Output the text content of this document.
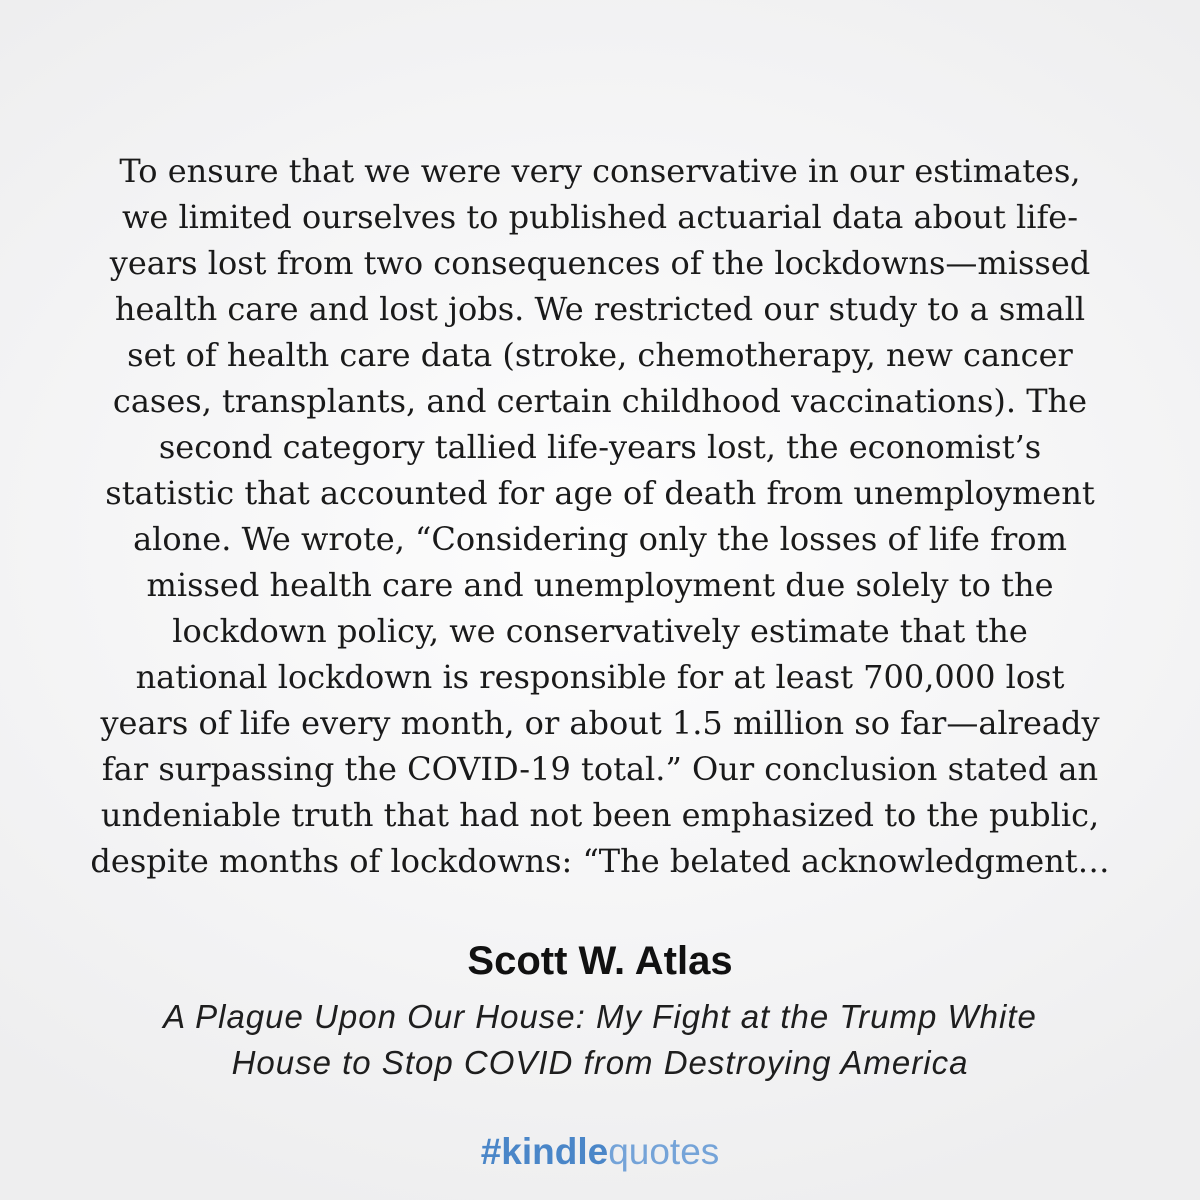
To ensure that we were very conservative in our estimates,
we limited ourselves to published actuarial data about life-
years lost from two consequences of the lockdowns—missed
health care and lost jobs. We restricted our study to a small
set of health care data (stroke, chemotherapy, new cancer
cases, transplants, and certain childhood vaccinations). The
second category tallied life-years lost, the economist’s
statistic that accounted for age of death from unemployment
alone. We wrote, “Considering only the losses of life from
missed health care and unemployment due solely to the
lockdown policy, we conservatively estimate that the
national lockdown is responsible for at least 700,000 lost
years of life every month, or about 1.5 million so far—already
far surpassing the COVID-19 total.” Our conclusion stated an
undeniable truth that had not been emphasized to the public,
despite months of lockdowns: “The belated acknowledgment…
Scott W. Atlas
A Plague Upon Our House: My Fight at the Trump White
House to Stop COVID from Destroying America
#kindlequotes
